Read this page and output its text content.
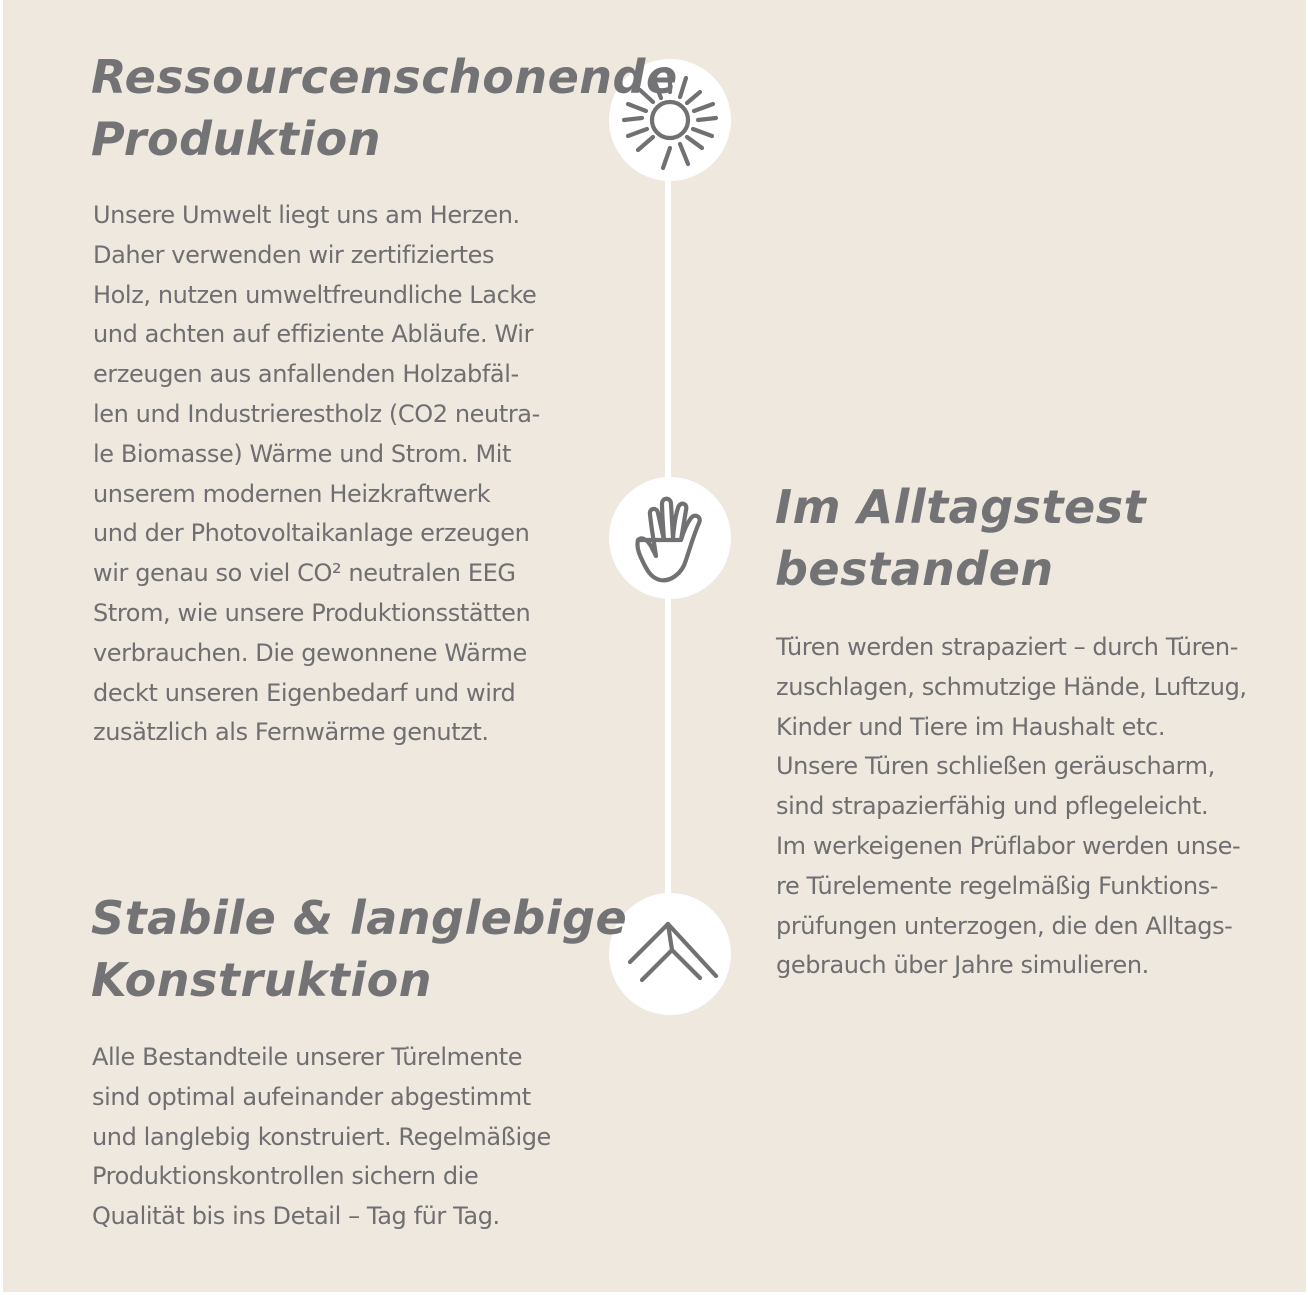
Ressourcenschonende
Produktion

Unsere Umwelt liegt uns am Herzen.
Daher verwenden wir zertifiziertes
Holz, nutzen umweltfreundliche Lacke
und achten auf effiziente Abläufe. Wir
erzeugen aus anfallenden Holzabfäl-
len und Industrierestholz (CO2 neutra-
le Biomasse) Wärme und Strom. Mit
unserem modernen Heizkraftwerk
und der Photovoltaikanlage erzeugen
wir genau so viel CO² neutralen EEG
Strom, wie unsere Produktionsstätten
verbrauchen. Die gewonnene Wärme
deckt unseren Eigenbedarf und wird
zusätzlich als Fernwärme genutzt.

Im Alltagstest
bestanden

Türen werden strapaziert – durch Türen-
zuschlagen, schmutzige Hände, Luftzug,
Kinder und Tiere im Haushalt etc.
Unsere Türen schließen geräuscharm,
sind strapazierfähig und pflegeleicht.
Im werkeigenen Prüflabor werden unse-
re Türelemente regelmäßig Funktions-
prüfungen unterzogen, die den Alltags-
gebrauch über Jahre simulieren.

Stabile & langlebige
Konstruktion

Alle Bestandteile unserer Türelmente
sind optimal aufeinander abgestimmt
und langlebig konstruiert. Regelmäßige
Produktionskontrollen sichern die
Qualität bis ins Detail – Tag für Tag.
